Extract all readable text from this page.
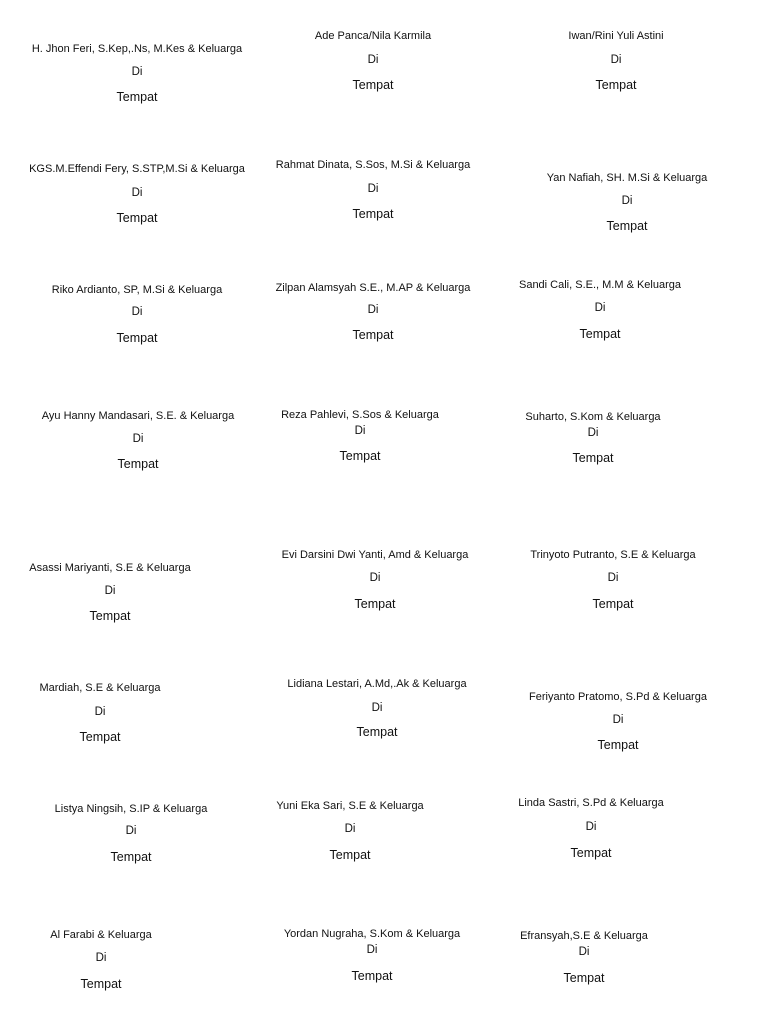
H. Jhon Feri, S.Kep,.Ns, M.Kes & Keluarga
Di
Tempat
Ade Panca/Nila Karmila
Di
Tempat
Iwan/Rini Yuli Astini
Di
Tempat
KGS.M.Effendi Fery, S.STP,M.Si & Keluarga
Di
Tempat
Rahmat Dinata, S.Sos, M.Si & Keluarga
Di
Tempat
Yan Nafiah, SH. M.Si & Keluarga
Di
Tempat
Riko Ardianto, SP, M.Si & Keluarga
Di
Tempat
Zilpan Alamsyah S.E., M.AP & Keluarga
Di
Tempat
Sandi Cali, S.E., M.M & Keluarga
Di
Tempat
Ayu Hanny Mandasari, S.E. & Keluarga
Di
Tempat
Reza Pahlevi, S.Sos & Keluarga
Di
Tempat
Suharto, S.Kom & Keluarga
Di
Tempat
Asassi Mariyanti, S.E & Keluarga
Di
Tempat
Evi Darsini Dwi Yanti, Amd & Keluarga
Di
Tempat
Trinyoto Putranto, S.E & Keluarga
Di
Tempat
Mardiah, S.E & Keluarga
Di
Tempat
Lidiana Lestari, A.Md,.Ak & Keluarga
Di
Tempat
Feriyanto Pratomo, S.Pd & Keluarga
Di
Tempat
Listya Ningsih, S.IP & Keluarga
Di
Tempat
Yuni Eka Sari, S.E & Keluarga
Di
Tempat
Linda Sastri, S.Pd & Keluarga
Di
Tempat
Al Farabi & Keluarga
Di
Tempat
Yordan Nugraha, S.Kom & Keluarga
Di
Tempat
Efransyah,S.E & Keluarga
Di
Tempat
